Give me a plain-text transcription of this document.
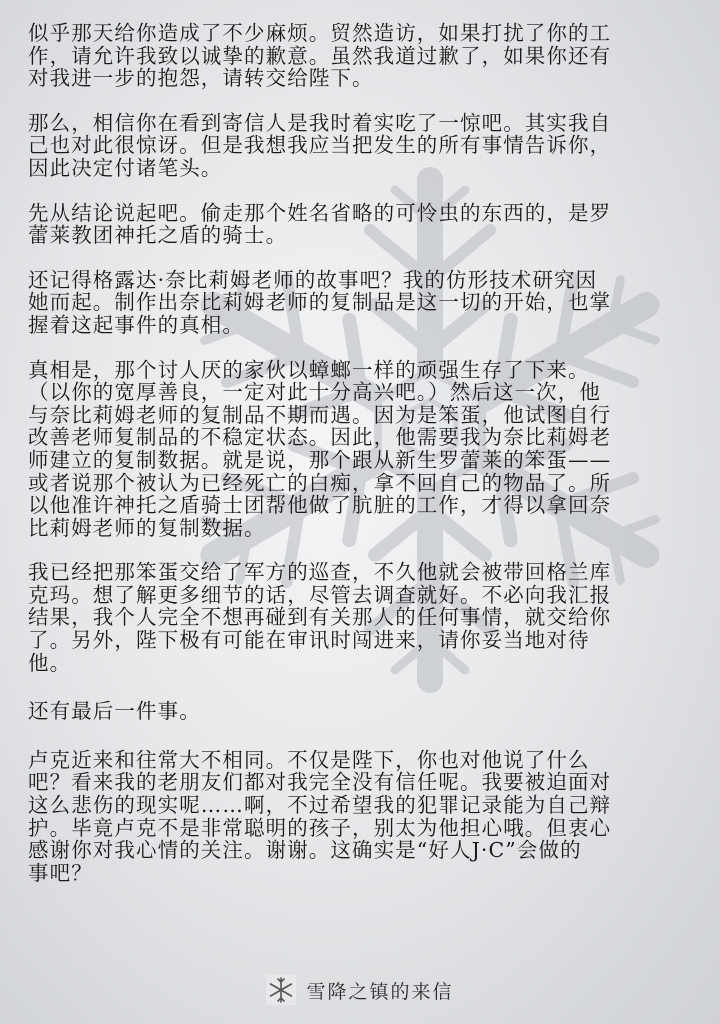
似乎那天给你造成了不少麻烦。贸然造访，如果打扰了你的工
作，请允许我致以诚挚的歉意。虽然我道过歉了，如果你还有
对我进一步的抱怨，请转交给陛下。

那么，相信你在看到寄信人是我时着实吃了一惊吧。其实我自
己也对此很惊讶。但是我想我应当把发生的所有事情告诉你，
因此决定付诸笔头。

先从结论说起吧。偷走那个姓名省略的可怜虫的东西的，是罗
蕾莱教团神托之盾的骑士。

还记得格露达·奈比莉姆老师的故事吧？我的仿形技术研究因
她而起。制作出奈比莉姆老师的复制品是这一切的开始，也掌
握着这起事件的真相。

真相是，那个讨人厌的家伙以蟑螂一样的顽强生存了下来。
（以你的宽厚善良，一定对此十分高兴吧。）然后这一次，他
与奈比莉姆老师的复制品不期而遇。因为是笨蛋，他试图自行
改善老师复制品的不稳定状态。因此，他需要我为奈比莉姆老
师建立的复制数据。就是说，那个跟从新生罗蕾莱的笨蛋——
或者说那个被认为已经死亡的白痴，拿不回自己的物品了。所
以他准许神托之盾骑士团帮他做了肮脏的工作，才得以拿回奈
比莉姆老师的复制数据。

我已经把那笨蛋交给了军方的巡查，不久他就会被带回格兰库
克玛。想了解更多细节的话，尽管去调查就好。不必向我汇报
结果，我个人完全不想再碰到有关那人的任何事情，就交给你
了。另外，陛下极有可能在审讯时闯进来，请你妥当地对待
他。

还有最后一件事。

卢克近来和往常大不相同。不仅是陛下，你也对他说了什么
吧？看来我的老朋友们都对我完全没有信任呢。我要被迫面对
这么悲伤的现实呢……啊，不过希望我的犯罪记录能为自己辩
护。毕竟卢克不是非常聪明的孩子，别太为他担心哦。但衷心
感谢你对我心情的关注。谢谢。这确实是“好人J·C”会做的
事吧？

雪降之镇的来信
